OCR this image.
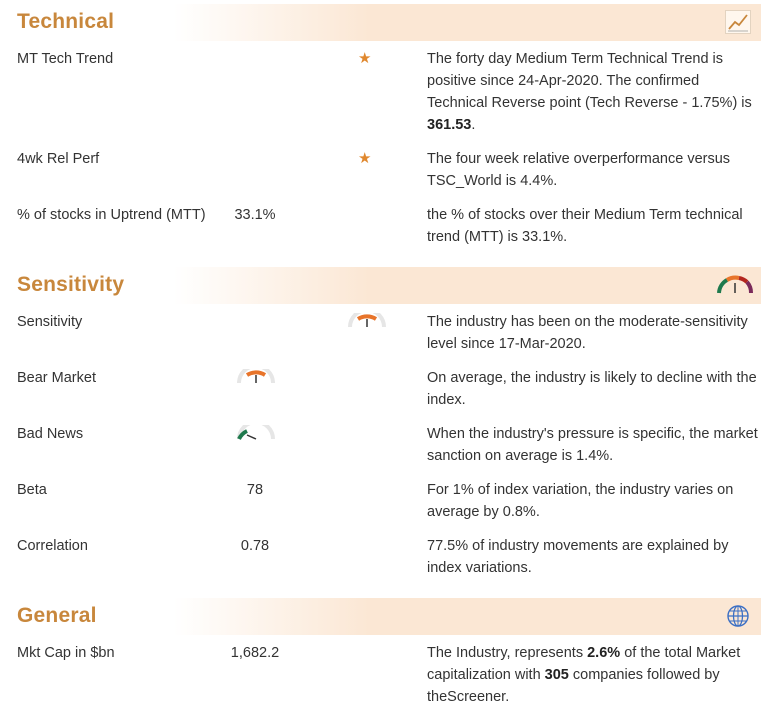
Technical
MT Tech Trend	★	The forty day Medium Term Technical Trend is positive since 24-Apr-2020. The confirmed Technical Reverse point (Tech Reverse - 1.75%) is 361.53.
4wk Rel Perf	★	The four week relative overperformance versus TSC_World is 4.4%.
% of stocks in Uptrend (MTT)	33.1%	the % of stocks over their Medium Term technical trend (MTT) is 33.1%.
Sensitivity
Sensitivity	The industry has been on the moderate-sensitivity level since 17-Mar-2020.
Bear Market	On average, the industry is likely to decline with the index.
Bad News	When the industry's pressure is specific, the market sanction on average is 1.4%.
Beta	78	For 1% of index variation, the industry varies on average by 0.8%.
Correlation	0.78	77.5% of industry movements are explained by index variations.
General
Mkt Cap in $bn	1,682.2	The Industry, represents 2.6% of the total Market capitalization with 305 companies followed by theScreener.
